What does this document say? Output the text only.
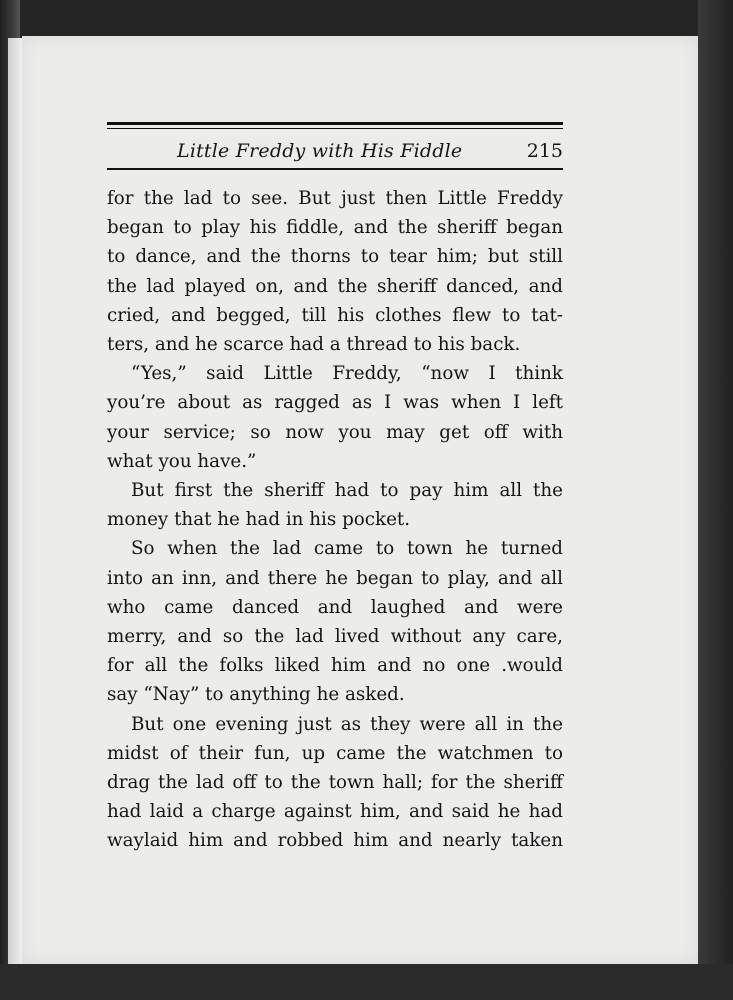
Little Freddy with His Fiddle	215
for the lad to see. But just then Little Freddy
began to play his fiddle, and the sheriff began
to dance, and the thorns to tear him; but still
the lad played on, and the sheriff danced, and
cried, and begged, till his clothes flew to tat-
ters, and he scarce had a thread to his back.
“Yes,” said Little Freddy, “now I think
you’re about as ragged as I was when I left
your service; so now you may get off with
what you have.”
But first the sheriff had to pay him all the
money that he had in his pocket.
So when the lad came to town he turned
into an inn, and there he began to play, and all
who came danced and laughed and were
merry, and so the lad lived without any care,
for all the folks liked him and no one .would
say “Nay” to anything he asked.
But one evening just as they were all in the
midst of their fun, up came the watchmen to
drag the lad off to the town hall; for the sheriff
had laid a charge against him, and said he had
waylaid him and robbed him and nearly taken
